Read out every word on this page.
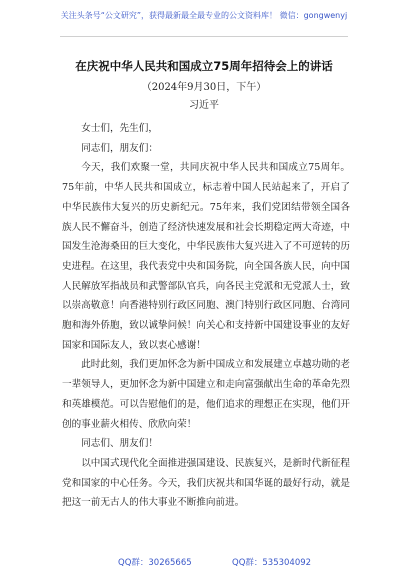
关注头条号“公文研究”，获得最新最全最专业的公文资料库！ 微信：gongwenyj
在庆祝中华人民共和国成立75周年招待会上的讲话
（2024年9月30日，下午）
习近平

女士们，先生们，

同志们，朋友们：

今天，我们欢聚一堂，共同庆祝中华人民共和国成立75周年。75年前，中华人民共和国成立，标志着中国人民站起来了，开启了中华民族伟大复兴的历史新纪元。75年来，我们党团结带领全国各族人民不懈奋斗，创造了经济快速发展和社会长期稳定两大奇迹，中国发生沧海桑田的巨大变化，中华民族伟大复兴进入了不可逆转的历史进程。在这里，我代表党中央和国务院，向全国各族人民，向中国人民解放军指战员和武警部队官兵，向各民主党派和无党派人士，致以崇高敬意！向香港特别行政区同胞、澳门特别行政区同胞、台湾同胞和海外侨胞，致以诚挚问候！向关心和支持新中国建设事业的友好国家和国际友人，致以衷心感谢！

此时此刻，我们更加怀念为新中国成立和发展建立卓越功勋的老一辈领导人，更加怀念为新中国建立和走向富强献出生命的革命先烈和英雄模范。可以告慰他们的是，他们追求的理想正在实现，他们开创的事业薪火相传、欣欣向荣！

同志们、朋友们！

以中国式现代化全面推进强国建设、民族复兴，是新时代新征程党和国家的中心任务。今天，我们庆祝共和国华诞的最好行动，就是把这一前无古人的伟大事业不断推向前进。

QQ群：30265665	QQ群：535304092
